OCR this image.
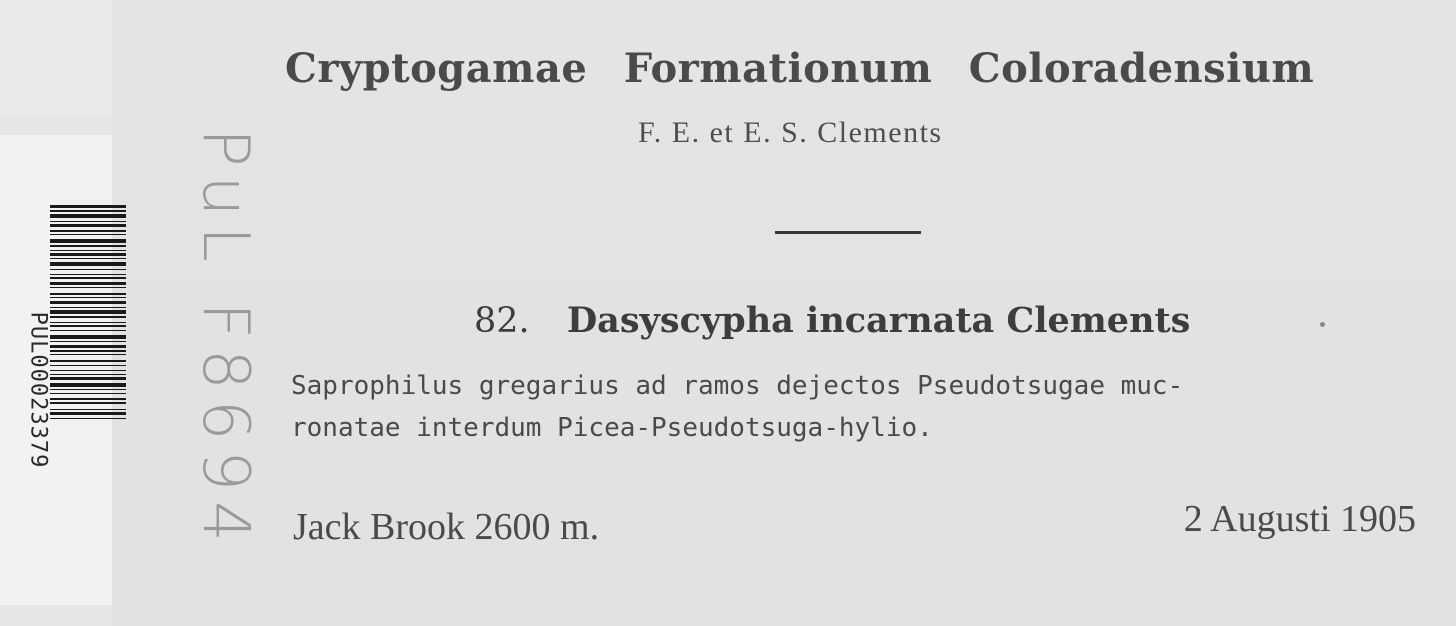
PUL00023379 PuL F8694
Cryptogamae Formationum Coloradensium
F. E. et E. S. Clements
82. Dasyscypha incarnata Clements
Saprophilus gregarius ad ramos dejectos Pseudotsugae muc-
ronatae interdum Picea-Pseudotsuga-hylio.
Jack Brook 2600 m.	2 Augusti 1905
